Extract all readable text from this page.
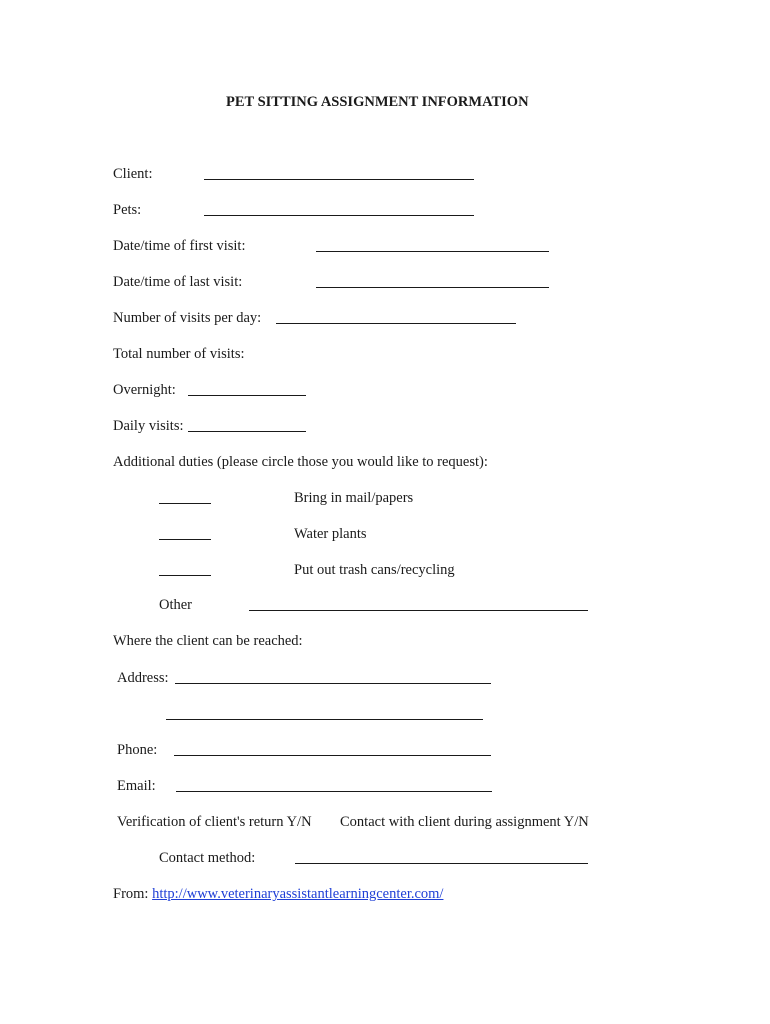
PET SITTING ASSIGNMENT INFORMATION
Client:
Pets:
Date/time of first visit:
Date/time of last visit:
Number of visits per day:
Total number of visits:
Overnight:
Daily visits:
Additional duties (please circle those you would like to request):
Bring in mail/papers
Water plants
Put out trash cans/recycling
Other
Where the client can be reached:
Address:
Phone:
Email:
Verification of client's return Y/N Contact with client during assignment Y/N
Contact method:
From: http://www.veterinaryassistantlearningcenter.com/
